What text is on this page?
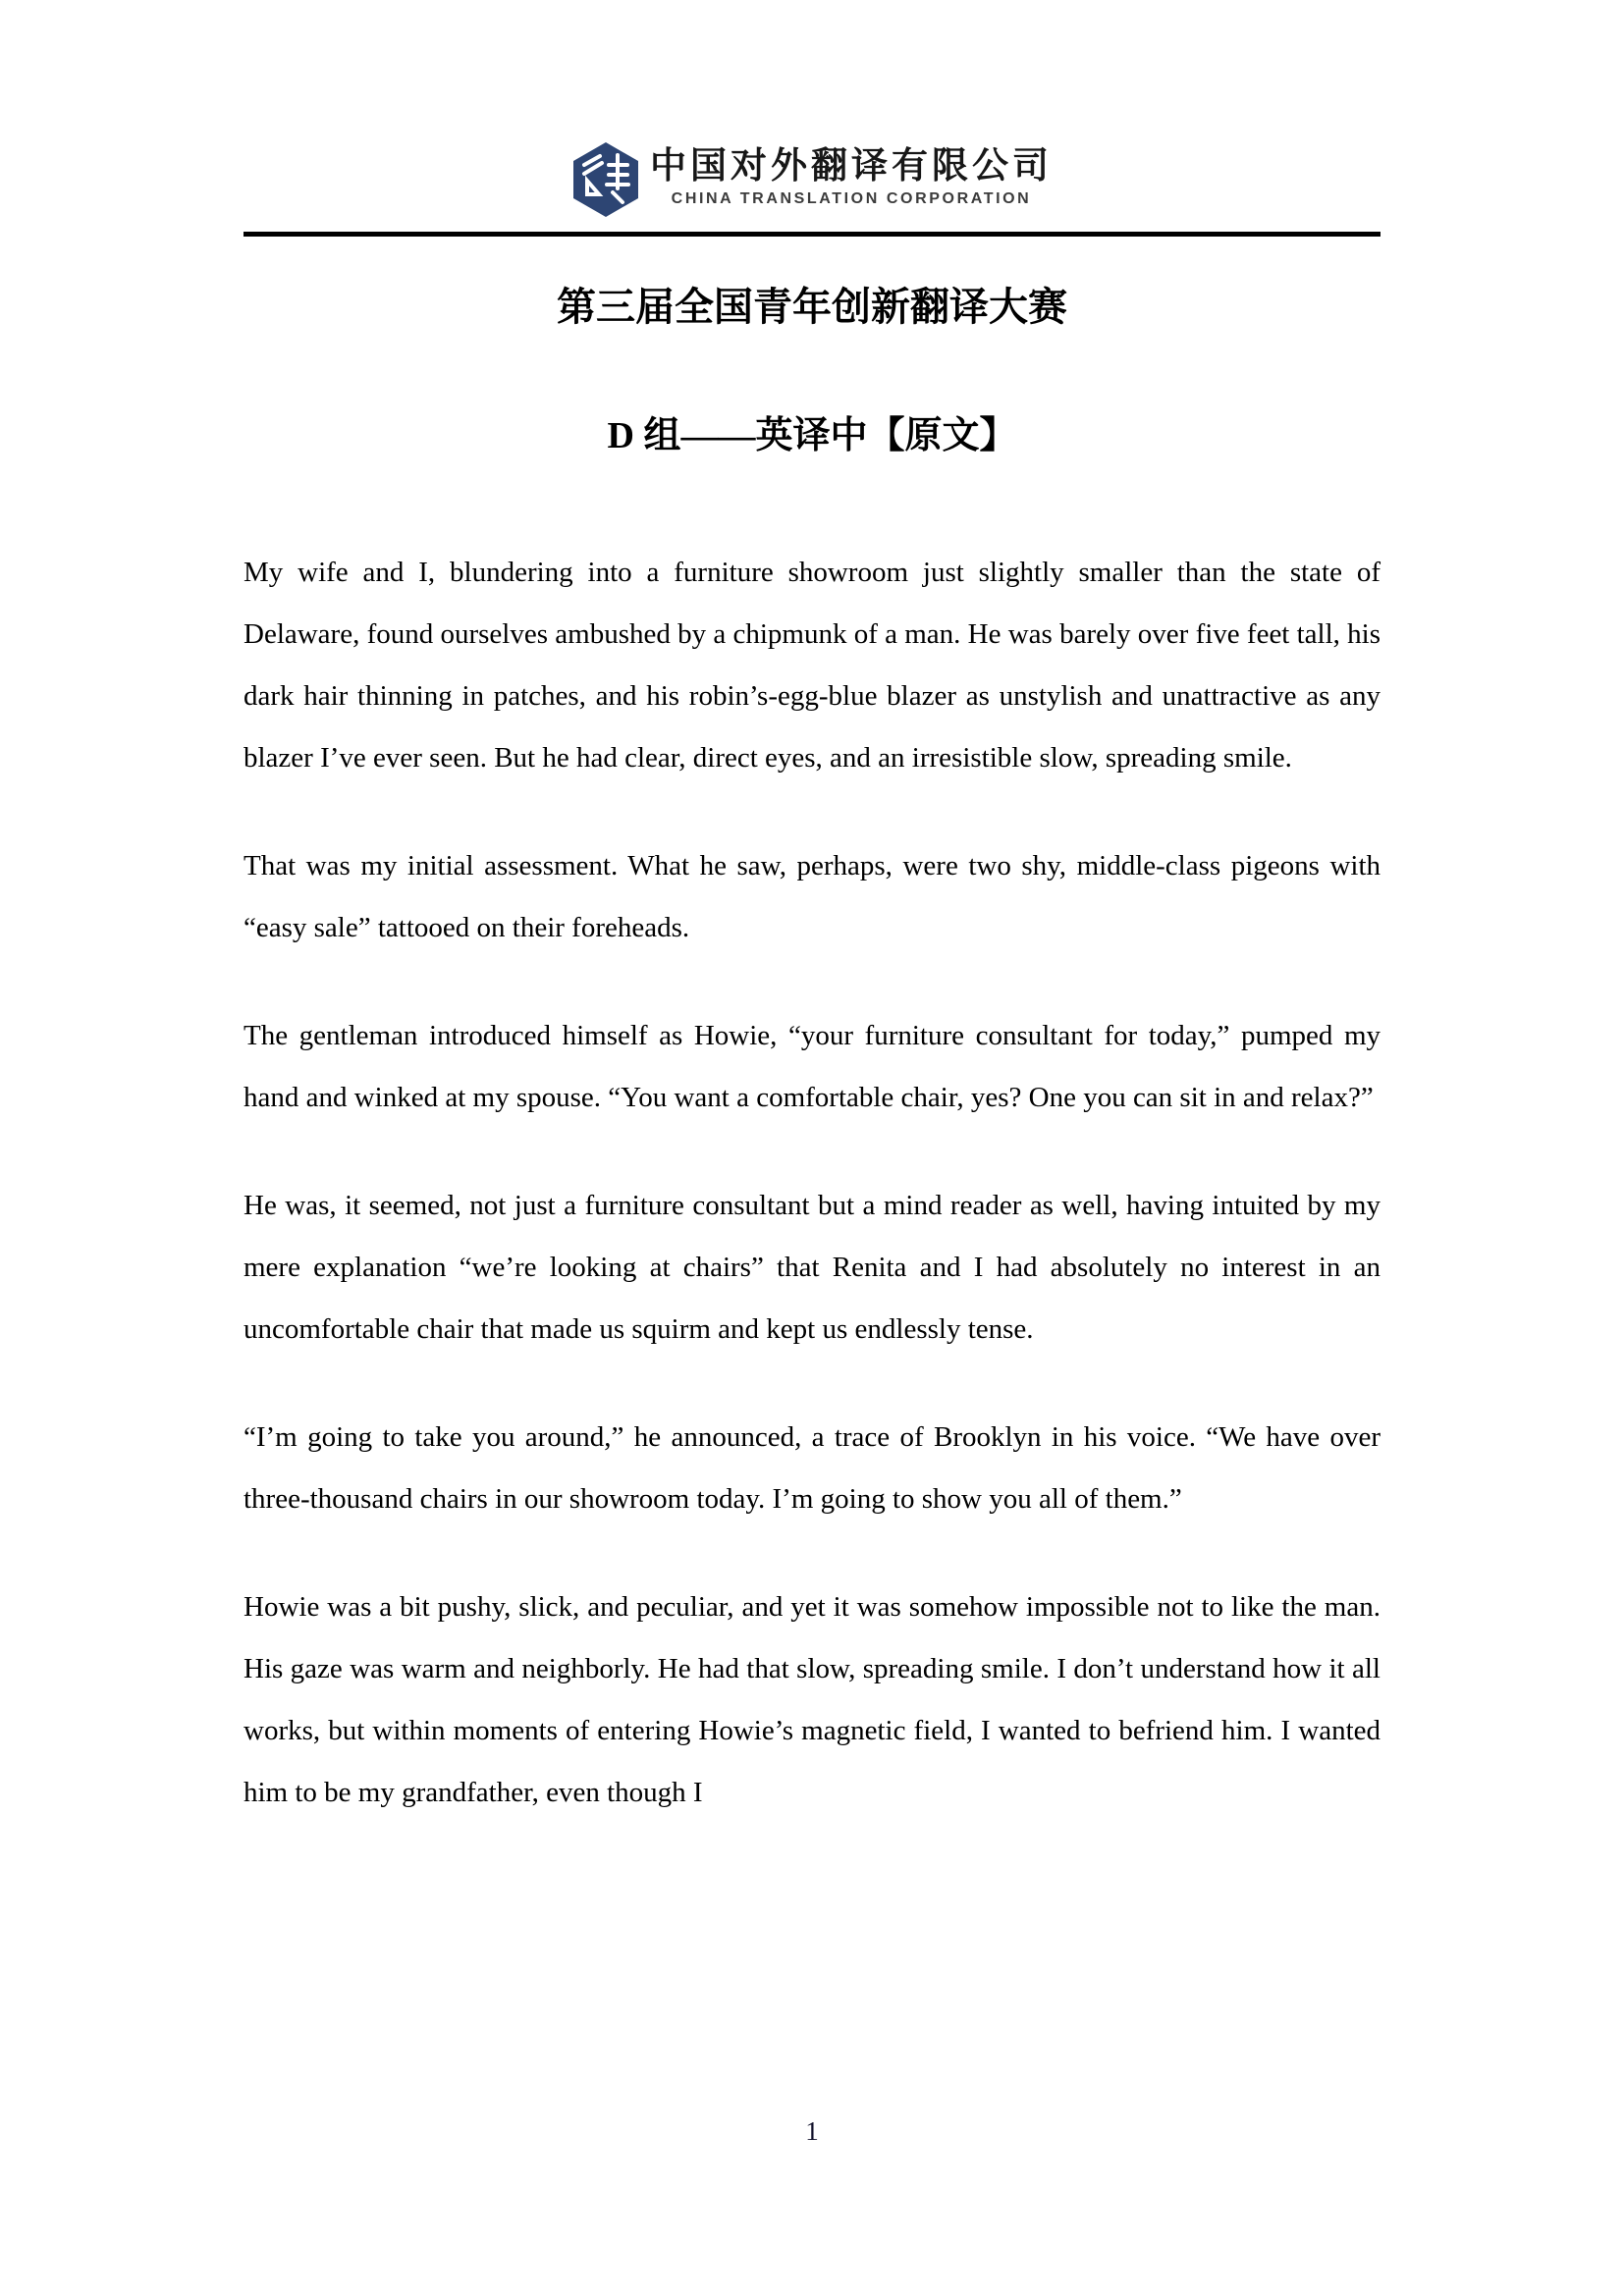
中国对外翻译有限公司
CHINA TRANSLATION CORPORATION
第三届全国青年创新翻译大赛
D 组——英译中【原文】

My wife and I, blundering into a furniture showroom just slightly smaller than the state of Delaware, found ourselves ambushed by a chipmunk of a man. He was barely over five feet tall, his dark hair thinning in patches, and his robin’s-egg-blue blazer as unstylish and unattractive as any blazer I’ve ever seen. But he had clear, direct eyes, and an irresistible slow, spreading smile.

That was my initial assessment. What he saw, perhaps, were two shy, middle-class pigeons with “easy sale” tattooed on their foreheads.

The gentleman introduced himself as Howie, “your furniture consultant for today,” pumped my hand and winked at my spouse. “You want a comfortable chair, yes? One you can sit in and relax?”

He was, it seemed, not just a furniture consultant but a mind reader as well, having intuited by my mere explanation “we’re looking at chairs” that Renita and I had absolutely no interest in an uncomfortable chair that made us squirm and kept us endlessly tense.

“I’m going to take you around,” he announced, a trace of Brooklyn in his voice. “We have over three-thousand chairs in our showroom today. I’m going to show you all of them.”

Howie was a bit pushy, slick, and peculiar, and yet it was somehow impossible not to like the man. His gaze was warm and neighborly. He had that slow, spreading smile. I don’t understand how it all works, but within moments of entering Howie’s magnetic field, I wanted to befriend him. I wanted him to be my grandfather, even though I

1
